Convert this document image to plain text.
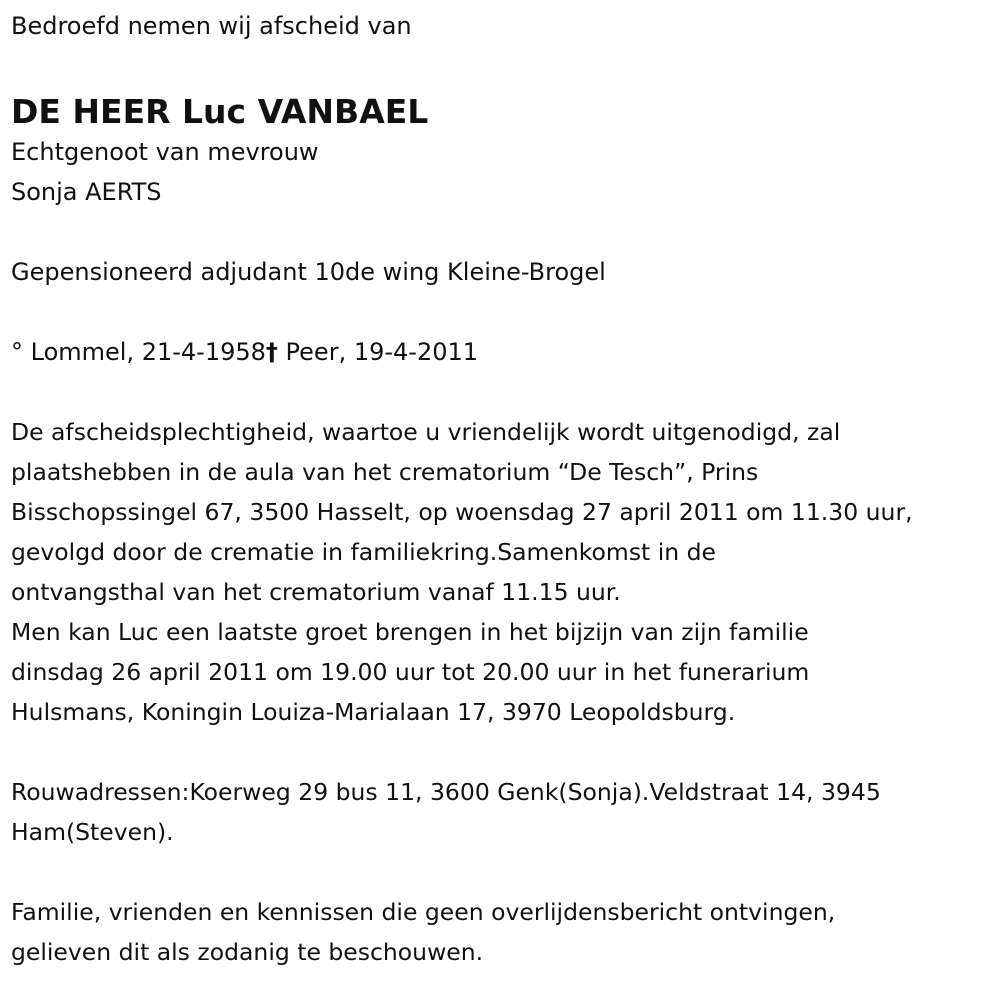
Bedroefd nemen wij afscheid van

DE HEER Luc VANBAEL

Echtgenoot van mevrouw

Sonja AERTS

Gepensioneerd adjudant 10de wing Kleine-Brogel

° Lommel, 21-4-1958† Peer, 19-4-2011

De afscheidsplechtigheid, waartoe u vriendelijk wordt uitgenodigd, zal

plaatshebben in de aula van het crematorium “De Tesch”, Prins

Bisschopssingel 67, 3500 Hasselt, op woensdag 27 april 2011 om 11.30 uur,

gevolgd door de crematie in familiekring.Samenkomst in de

ontvangsthal van het crematorium vanaf 11.15 uur.

Men kan Luc een laatste groet brengen in het bijzijn van zijn familie

dinsdag 26 april 2011 om 19.00 uur tot 20.00 uur in het funerarium

Hulsmans, Koningin Louiza-Marialaan 17, 3970 Leopoldsburg.

Rouwadressen:Koerweg 29 bus 11, 3600 Genk(Sonja).Veldstraat 14, 3945

Ham(Steven).

Familie, vrienden en kennissen die geen overlijdensbericht ontvingen,

gelieven dit als zodanig te beschouwen.
